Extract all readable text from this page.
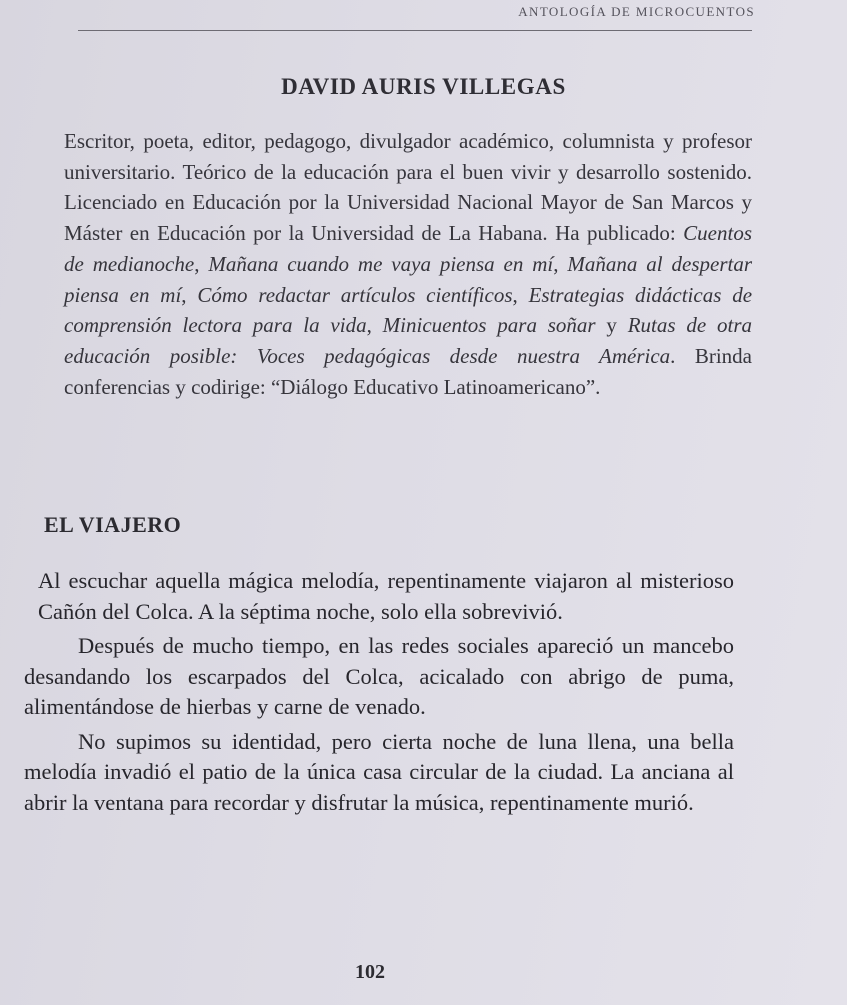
ANTOLOGÍA DE MICROCUENTOS
DAVID AURIS VILLEGAS

Escritor, poeta, editor, pedagogo, divulgador académico, columnista y profesor universitario. Teórico de la educación para el buen vivir y desarrollo sostenido. Licenciado en Educación por la Universidad Nacional Mayor de San Marcos y Máster en Educación por la Universidad de La Habana. Ha publicado: Cuentos de medianoche, Mañana cuando me vaya piensa en mí, Mañana al despertar piensa en mí, Cómo redactar artículos científicos, Estrategias didácticas de comprensión lectora para la vida, Minicuentos para soñar y Rutas de otra educación posible: Voces pedagógicas desde nuestra América. Brinda conferencias y codirige: “Diálogo Educativo Latinoamericano”.

EL VIAJERO

Al escuchar aquella mágica melodía, repentinamente viajaron al misterioso Cañón del Colca. A la séptima noche, solo ella sobrevivió.

Después de mucho tiempo, en las redes sociales apareció un mancebo desandando los escarpados del Colca, acicalado con abrigo de puma, alimentándose de hierbas y carne de venado.

No supimos su identidad, pero cierta noche de luna llena, una bella melodía invadió el patio de la única casa circular de la ciudad. La anciana al abrir la ventana para recordar y disfrutar la música, repentinamente murió.

102
